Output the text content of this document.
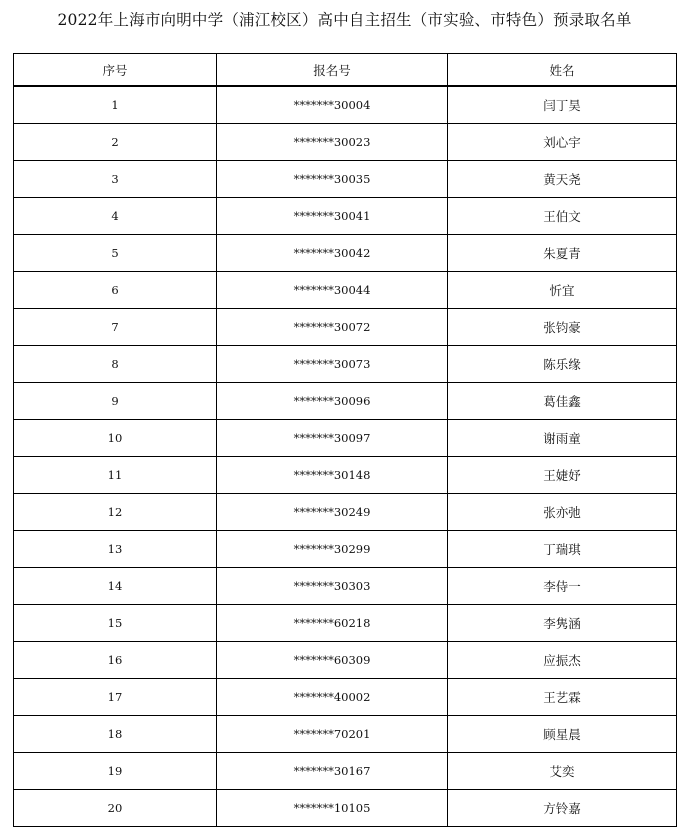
2022年上海市向明中学（浦江校区）高中自主招生（市实验、市特色）预录取名单
序号	报名号	姓名
1	*******30004	闫丁昊
2	*******30023	刘心宇
3	*******30035	黄天尧
4	*******30041	王伯文
5	*******30042	朱夏青
6	*******30044	忻宜
7	*******30072	张钧豪
8	*******30073	陈乐缘
9	*******30096	葛佳鑫
10	*******30097	谢雨童
11	*******30148	王婕妤
12	*******30249	张亦弛
13	*******30299	丁瑞琪
14	*******30303	李侍一
15	*******60218	李隽涵
16	*******60309	应振杰
17	*******40002	王艺霖
18	*******70201	顾星晨
19	*******30167	艾奕
20	*******10105	方铃嘉
